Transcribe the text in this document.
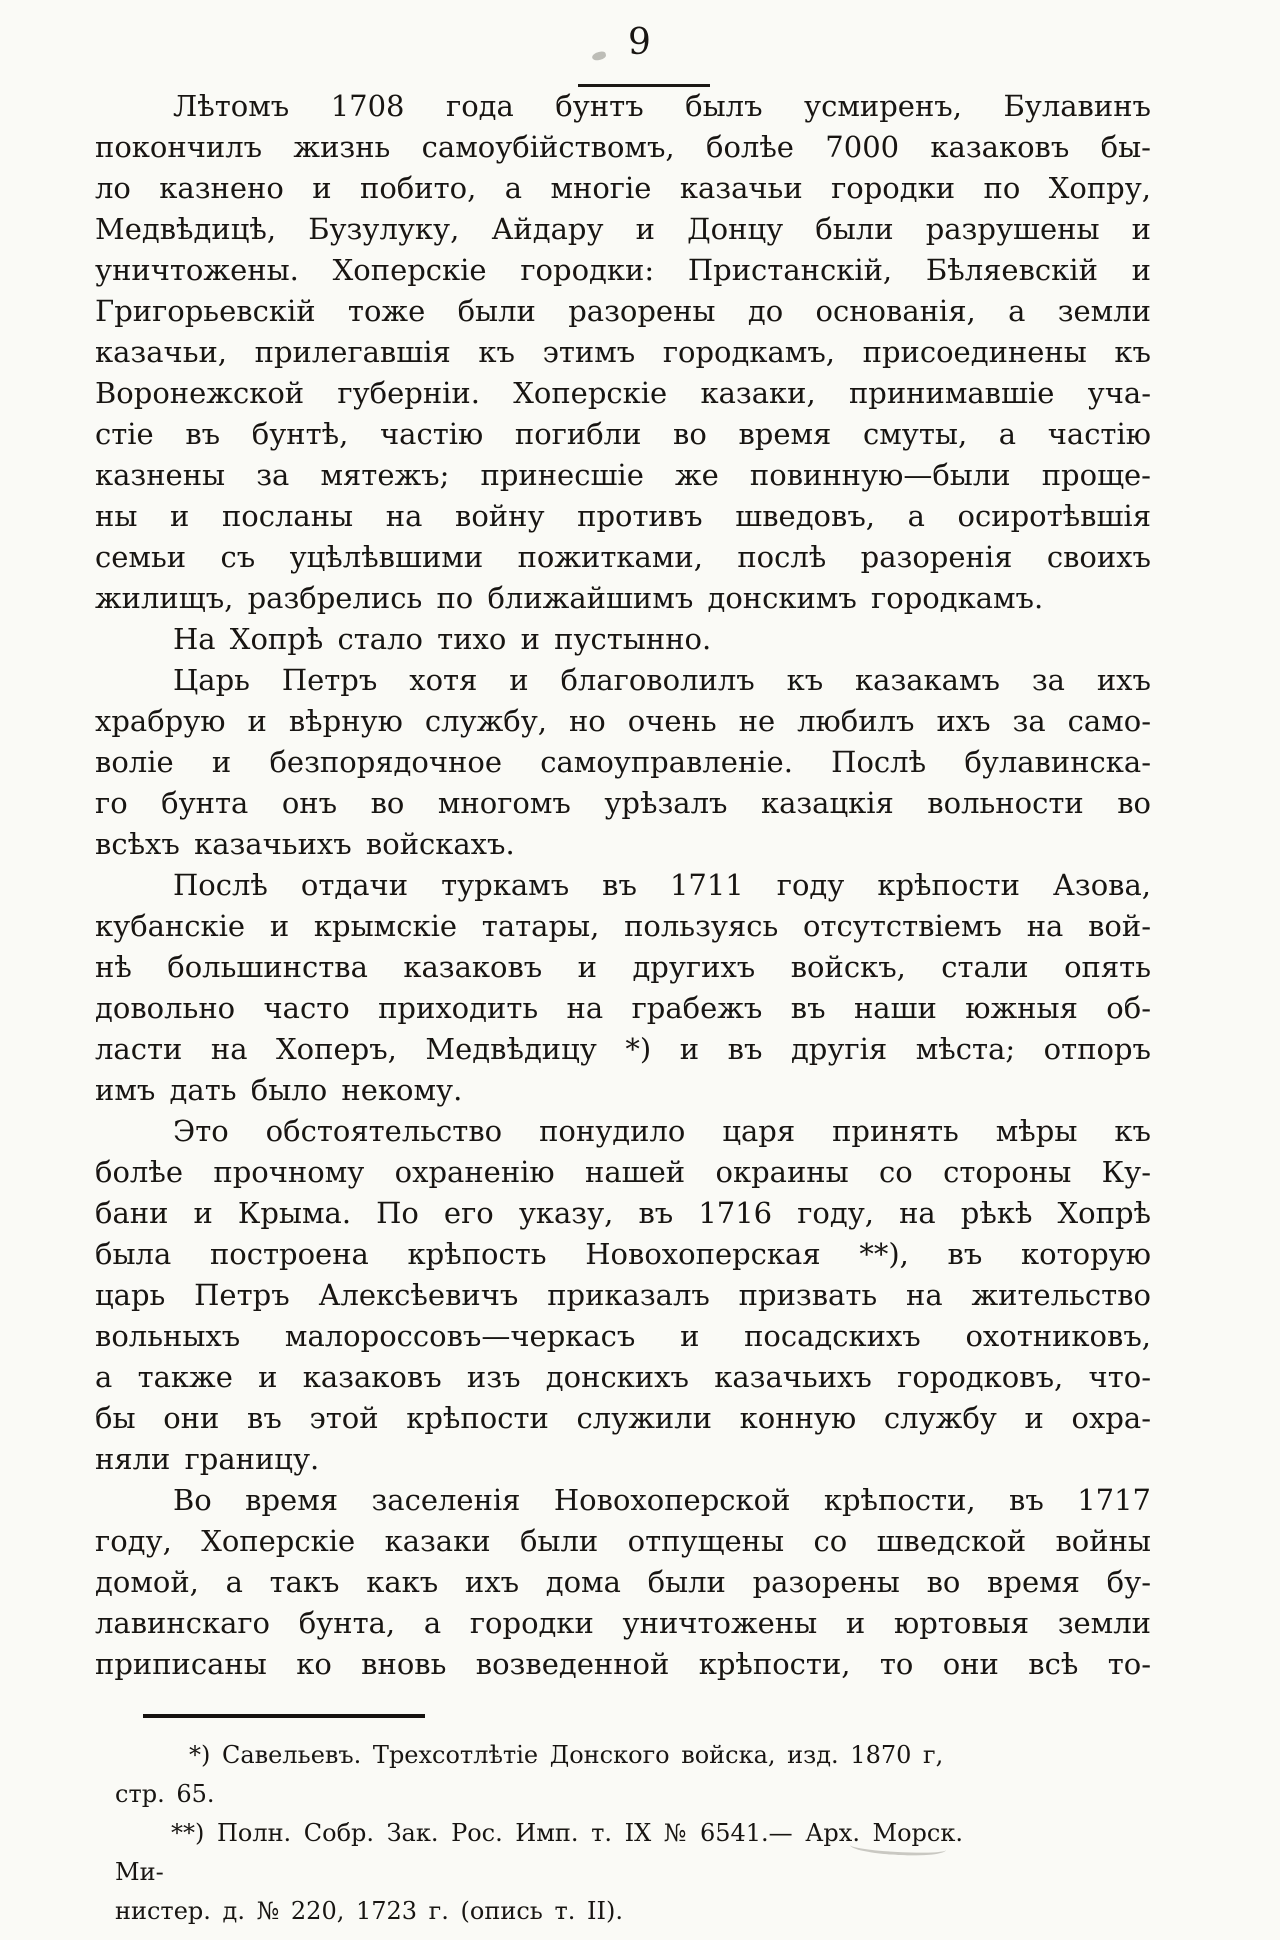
9
Лѣтомъ 1708 года бунтъ былъ усмиренъ, Булавинъ
покончилъ жизнь самоубійствомъ, болѣе 7000 казаковъ бы-
ло казнено и побито, а многіе казачьи городки по Хопру,
Медвѣдицѣ, Бузулуку, Айдару и Донцу были разрушены и
уничтожены. Хоперскіе городки: Пристанскій, Бѣляевскій и
Григорьевскій тоже были разорены до основанія, а земли
казачьи, прилегавшія къ этимъ городкамъ, присоединены къ
Воронежской губерніи. Хоперскіе казаки, принимавшіе уча-
стіе въ бунтѣ, частію погибли во время смуты, а частію
казнены за мятежъ; принесшіе же повинную—были проще-
ны и посланы на войну противъ шведовъ, а осиротѣвшія
семьи съ уцѣлѣвшими пожитками, послѣ разоренія своихъ
жилищъ, разбрелись по ближайшимъ донскимъ городкамъ.
На Хопрѣ стало тихо и пустынно.
Царь Петръ хотя и благоволилъ къ казакамъ за ихъ
храбрую и вѣрную службу, но очень не любилъ ихъ за само-
воліе и безпорядочное самоуправленіе. Послѣ булавинска-
го бунта онъ во многомъ урѣзалъ казацкія вольности во
всѣхъ казачьихъ войскахъ.
Послѣ отдачи туркамъ въ 1711 году крѣпости Азова,
кубанскіе и крымскіе татары, пользуясь отсутствіемъ на вой-
нѣ большинства казаковъ и другихъ войскъ, стали опять
довольно часто приходить на грабежъ въ наши южныя об-
ласти на Хоперъ, Медвѣдицу *) и въ другія мѣста; отпоръ
имъ дать было некому.
Это обстоятельство понудило царя принять мѣры къ
болѣе прочному охраненію нашей окраины со стороны Ку-
бани и Крыма. По его указу, въ 1716 году, на рѣкѣ Хопрѣ
была построена крѣпость Новохоперская **), въ которую
царь Петръ Алексѣевичъ приказалъ призвать на жительство
вольныхъ малороссовъ—черкасъ и посадскихъ охотниковъ,
а также и казаковъ изъ донскихъ казачьихъ городковъ, что-
бы они въ этой крѣпости служили конную службу и охра-
няли границу.
Во время заселенія Новохоперской крѣпости, въ 1717
году, Хоперскіе казаки были отпущены со шведской войны
домой, а такъ какъ ихъ дома были разорены во время бу-
лавинскаго бунта, а городки уничтожены и юртовыя земли
приписаны ко вновь возведенной крѣпости, то они всѣ то-
*) Савельевъ. Трехсотлѣтіе Донского войска, изд. 1870 г, стр. 65.
**) Полн. Собр. Зак. Рос. Имп. т. IX № 6541.— Арх. Морск. Ми-
нистер. д. № 220, 1723 г. (опись т. II).
